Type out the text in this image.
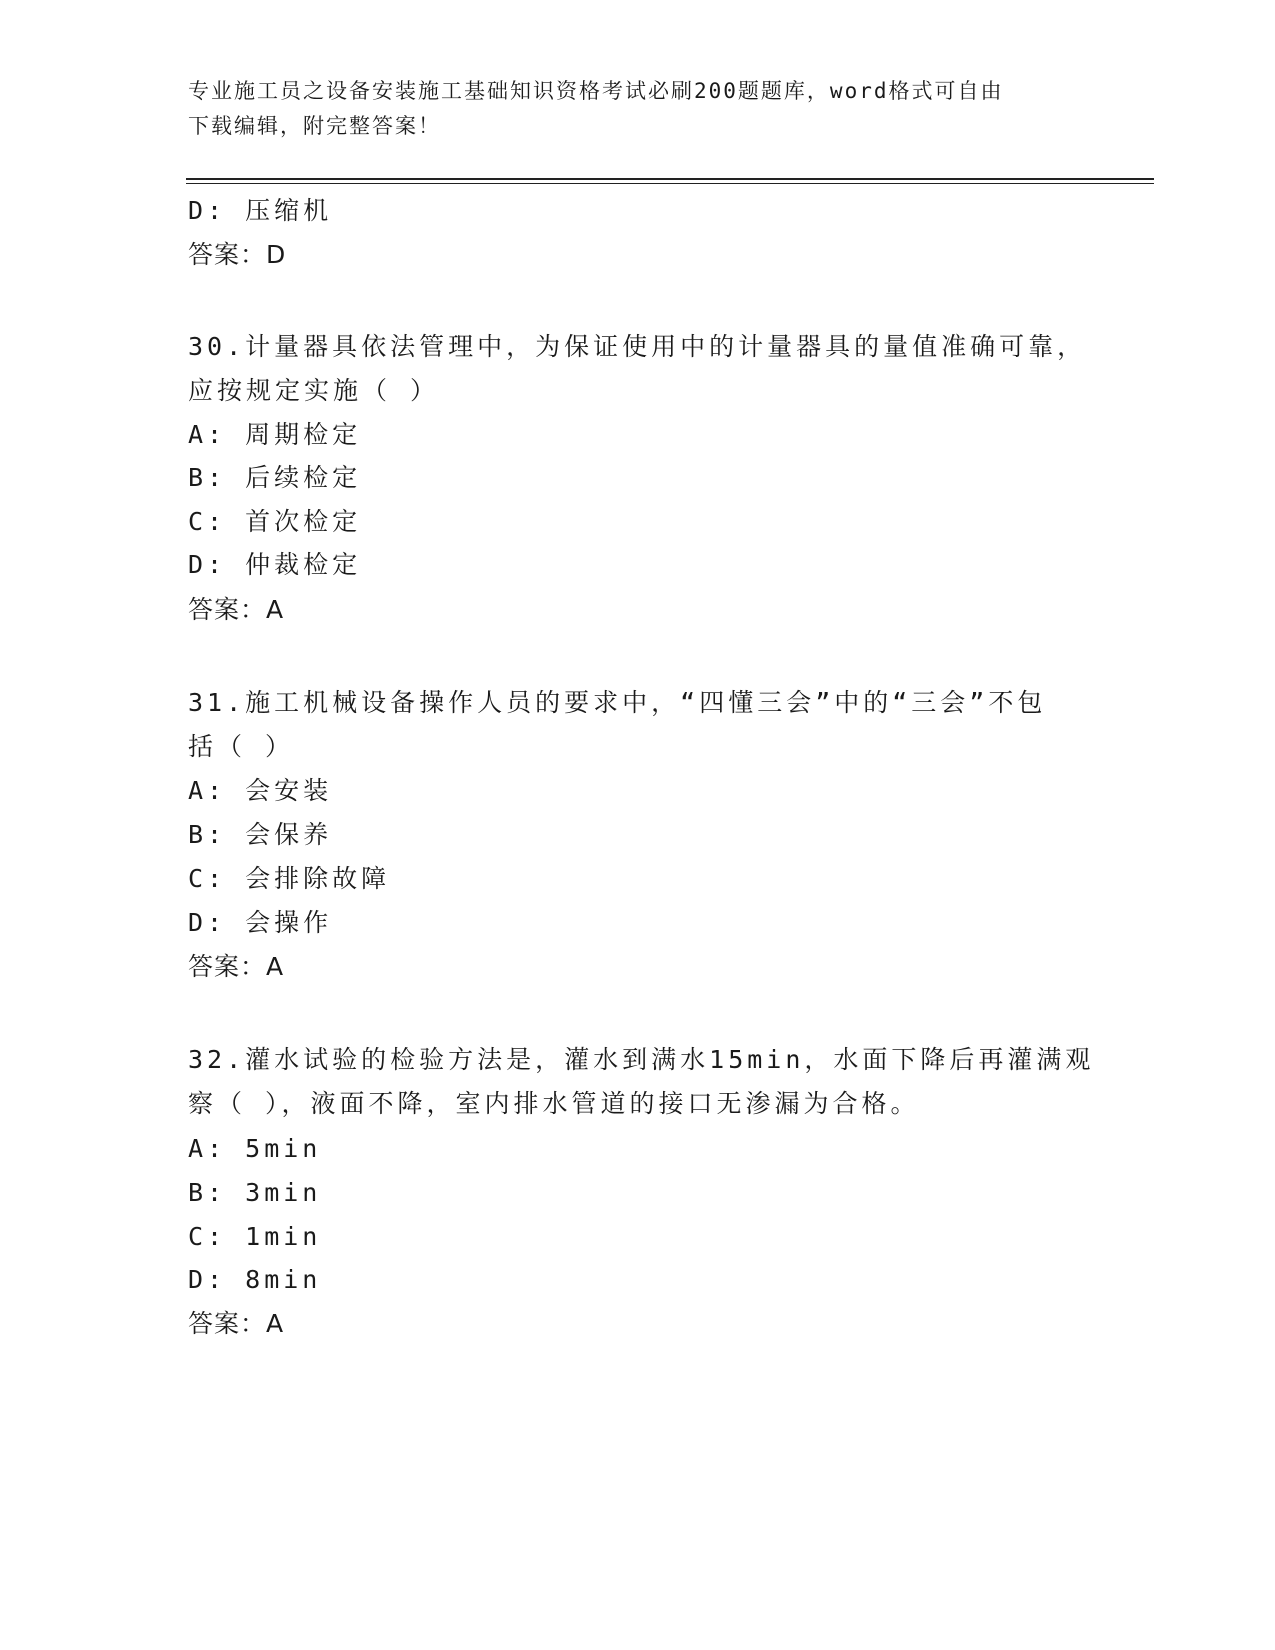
专业施工员之设备安装施工基础知识资格考试必刷200题题库，word格式可自由
下载编辑，附完整答案！
D: 压缩机
答案：D
30.计量器具依法管理中，为保证使用中的计量器具的量值准确可靠，
应按规定实施（ ）
A: 周期检定
B: 后续检定
C: 首次检定
D: 仲裁检定
答案：A
31.施工机械设备操作人员的要求中，“四懂三会”中的“三会”不包
括（ ）
A: 会安装
B: 会保养
C: 会排除故障
D: 会操作
答案：A
32.灌水试验的检验方法是，灌水到满水15min，水面下降后再灌满观
察（ ），液面不降，室内排水管道的接口无渗漏为合格。
A: 5min
B: 3min
C: 1min
D: 8min
答案：A
